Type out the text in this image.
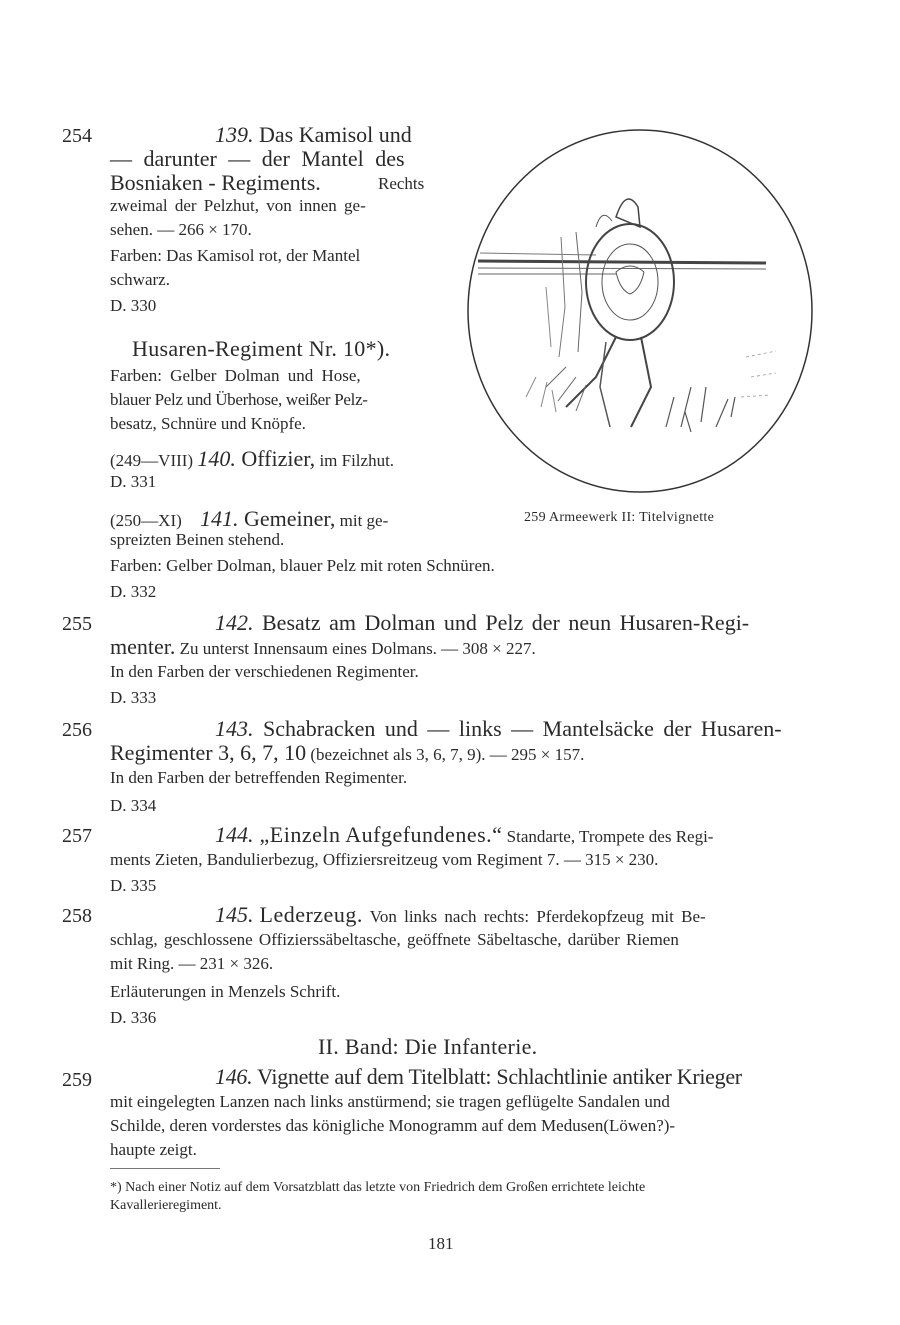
254	139. Das Kamisol und
— darunter — der Mantel des
Bosniaken - Regiments.	Rechts
zweimal der Pelzhut, von innen ge-
sehen. — 266 × 170.
Farben: Das Kamisol rot, der Mantel
schwarz.
D. 330
Husaren-Regiment Nr. 10*).
Farben: Gelber Dolman und Hose,
blauer Pelz und Überhose, weißer Pelz-
besatz, Schnüre und Knöpfe.
(249—VIII) 140. Offizier, im Filzhut.
D. 331
(250—XI) 141. Gemeiner, mit ge-
spreizten Beinen stehend.
Farben: Gelber Dolman, blauer Pelz mit roten Schnüren.
D. 332
259 Armeewerk II: Titelvignette
255	142. Besatz am Dolman und Pelz der neun Husaren-Regi-
menter. Zu unterst Innensaum eines Dolmans. — 308 × 227.
In den Farben der verschiedenen Regimenter.
D. 333
256	143. Schabracken und — links — Mantelsäcke der Husaren-
Regimenter 3, 6, 7, 10 (bezeichnet als 3, 6, 7, 9). — 295 × 157.
In den Farben der betreffenden Regimenter.
D. 334
257	144. „Einzeln Aufgefundenes.“ Standarte, Trompete des Regi-
ments Zieten, Bandulierbezug, Offiziersreitzeug vom Regiment 7. — 315 × 230.
D. 335
258	145. Lederzeug. Von links nach rechts: Pferdekopfzeug mit Be-
schlag, geschlossene Offizierssäbeltasche, geöffnete Säbeltasche, darüber Riemen
mit Ring. — 231 × 326.
Erläuterungen in Menzels Schrift.
D. 336
II. Band: Die Infanterie.
259	146. Vignette auf dem Titelblatt: Schlachtlinie antiker Krieger
mit eingelegten Lanzen nach links anstürmend; sie tragen geflügelte Sandalen und
Schilde, deren vorderstes das königliche Monogramm auf dem Medusen(Löwen?)-
haupte zeigt.
*) Nach einer Notiz auf dem Vorsatzblatt das letzte von Friedrich dem Großen errichtete leichte
Kavallerieregiment.
181
